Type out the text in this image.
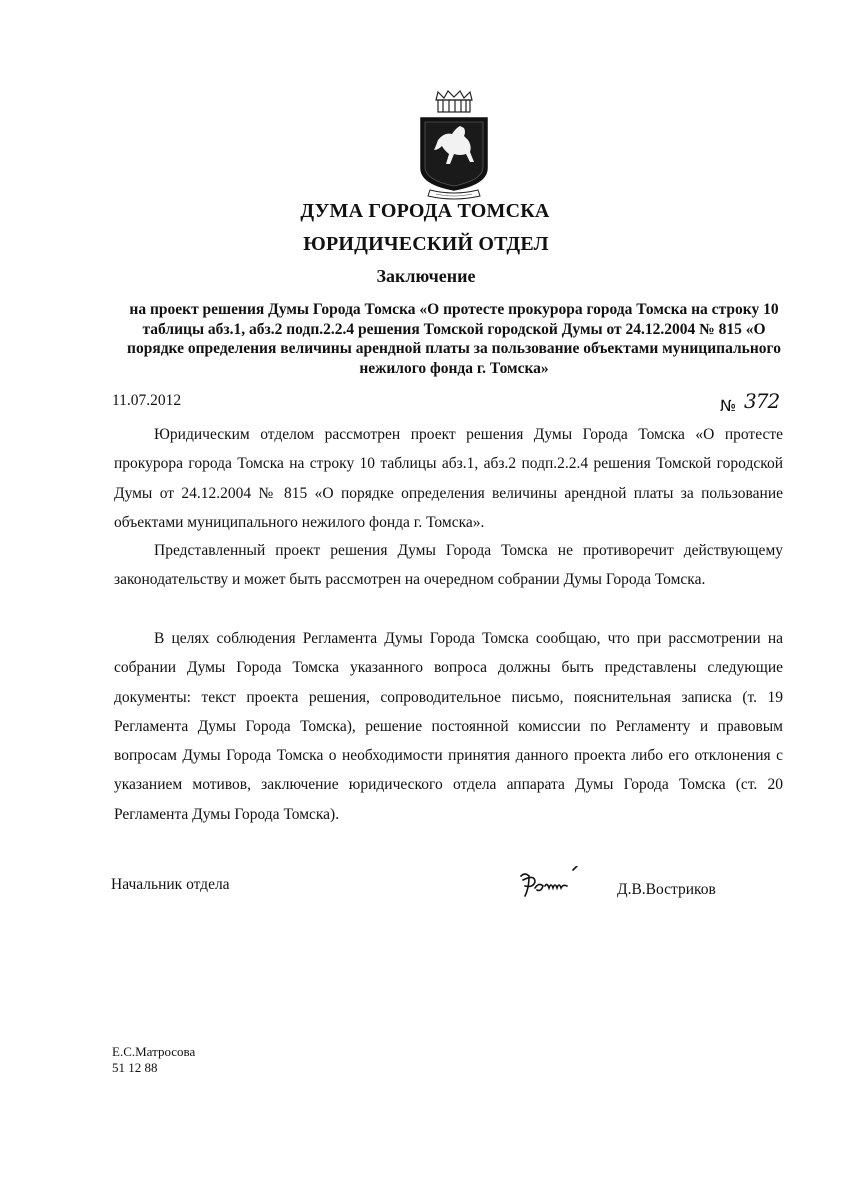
ДУМА ГОРОДА ТОМСКА
ЮРИДИЧЕСКИЙ ОТДЕЛ
Заключение
на проект решения Думы Города Томска «О протесте прокурора города Томска на строку 10 таблицы абз.1, абз.2 подп.2.2.4 решения Томской городской Думы от 24.12.2004 № 815 «О порядке определения величины арендной платы за пользование объектами муниципального нежилого фонда г. Томска»
11.07.2012	№ 372

Юридическим отделом рассмотрен проект решения Думы Города Томска «О протесте прокурора города Томска на строку 10 таблицы абз.1, абз.2 подп.2.2.4 решения Томской городской Думы от 24.12.2004 № 815 «О порядке определения величины арендной платы за пользование объектами муниципального нежилого фонда г. Томска».

Представленный проект решения Думы Города Томска не противоречит действующему законодательству и может быть рассмотрен на очередном собрании Думы Города Томска.

В целях соблюдения Регламента Думы Города Томска сообщаю, что при рассмотрении на собрании Думы Города Томска указанного вопроса должны быть представлены следующие документы: текст проекта решения, сопроводительное письмо, пояснительная записка (т. 19 Регламента Думы Города Томска), решение постоянной комиссии по Регламенту и правовым вопросам Думы Города Томска о необходимости принятия данного проекта либо его отклонения с указанием мотивов, заключение юридического отдела аппарата Думы Города Томска (ст. 20 Регламента Думы Города Томска).

Начальник отдела	Д.В.Востриков
Е.С.Матросова
51 12 88
